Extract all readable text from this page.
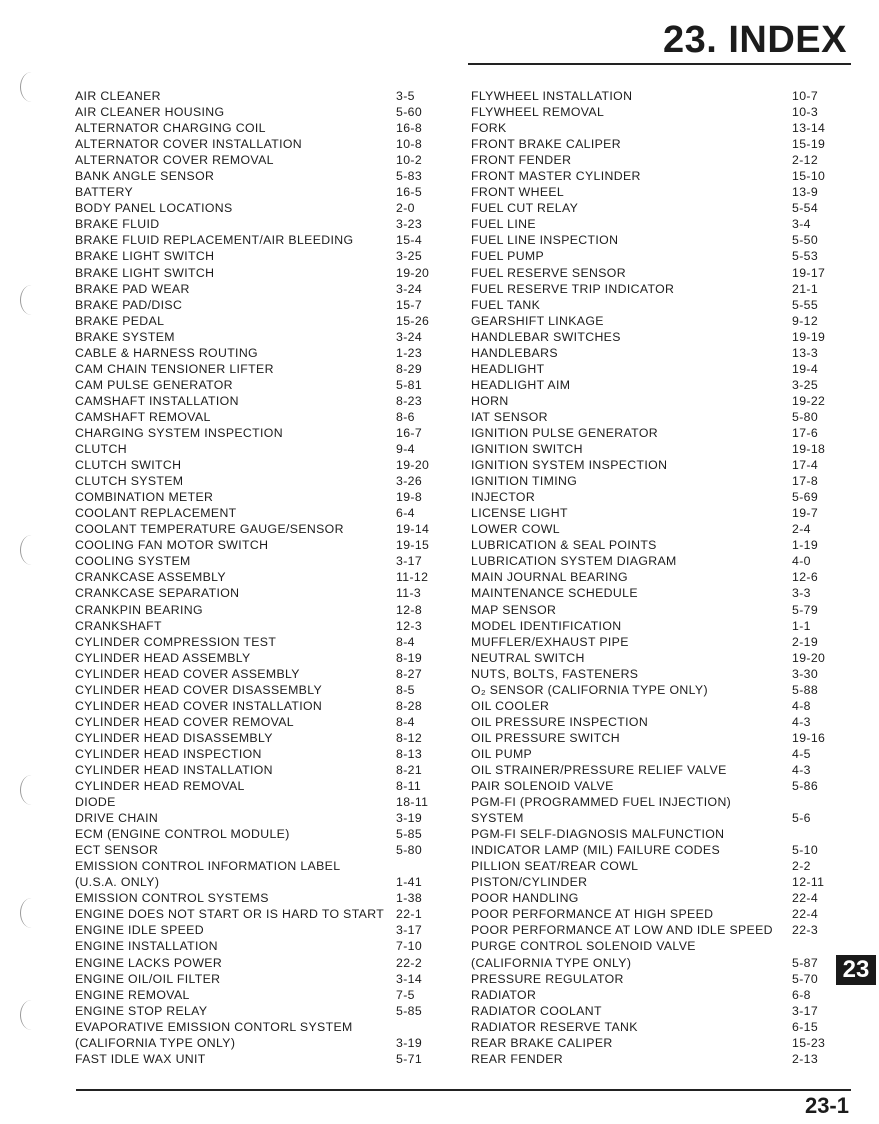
23. INDEX
AIR CLEANER	3-5
AIR CLEANER HOUSING	5-60
ALTERNATOR CHARGING COIL	16-8
ALTERNATOR COVER INSTALLATION	10-8
ALTERNATOR COVER REMOVAL	10-2
BANK ANGLE SENSOR	5-83
BATTERY	16-5
BODY PANEL LOCATIONS	2-0
BRAKE FLUID	3-23
BRAKE FLUID REPLACEMENT/AIR BLEEDING	15-4
BRAKE LIGHT SWITCH	3-25
BRAKE LIGHT SWITCH	19-20
BRAKE PAD WEAR	3-24
BRAKE PAD/DISC	15-7
BRAKE PEDAL	15-26
BRAKE SYSTEM	3-24
CABLE & HARNESS ROUTING	1-23
CAM CHAIN TENSIONER LIFTER	8-29
CAM PULSE GENERATOR	5-81
CAMSHAFT INSTALLATION	8-23
CAMSHAFT REMOVAL	8-6
CHARGING SYSTEM INSPECTION	16-7
CLUTCH	9-4
CLUTCH SWITCH	19-20
CLUTCH SYSTEM	3-26
COMBINATION METER	19-8
COOLANT REPLACEMENT	6-4
COOLANT TEMPERATURE GAUGE/SENSOR	19-14
COOLING FAN MOTOR SWITCH	19-15
COOLING SYSTEM	3-17
CRANKCASE ASSEMBLY	11-12
CRANKCASE SEPARATION	11-3
CRANKPIN BEARING	12-8
CRANKSHAFT	12-3
CYLINDER COMPRESSION TEST	8-4
CYLINDER HEAD ASSEMBLY	8-19
CYLINDER HEAD COVER ASSEMBLY	8-27
CYLINDER HEAD COVER DISASSEMBLY	8-5
CYLINDER HEAD COVER INSTALLATION	8-28
CYLINDER HEAD COVER REMOVAL	8-4
CYLINDER HEAD DISASSEMBLY	8-12
CYLINDER HEAD INSPECTION	8-13
CYLINDER HEAD INSTALLATION	8-21
CYLINDER HEAD REMOVAL	8-11
DIODE	18-11
DRIVE CHAIN	3-19
ECM (ENGINE CONTROL MODULE)	5-85
ECT SENSOR	5-80
EMISSION CONTROL INFORMATION LABEL
(U.S.A. ONLY)	1-41
EMISSION CONTROL SYSTEMS	1-38
ENGINE DOES NOT START OR IS HARD TO START 22-1
ENGINE IDLE SPEED	3-17
ENGINE INSTALLATION	7-10
ENGINE LACKS POWER	22-2
ENGINE OIL/OIL FILTER	3-14
ENGINE REMOVAL	7-5
ENGINE STOP RELAY	5-85
EVAPORATIVE EMISSION CONTORL SYSTEM
(CALIFORNIA TYPE ONLY)	3-19
FAST IDLE WAX UNIT	5-71
FLYWHEEL INSTALLATION	10-7
FLYWHEEL REMOVAL	10-3
FORK	13-14
FRONT BRAKE CALIPER	15-19
FRONT FENDER	2-12
FRONT MASTER CYLINDER	15-10
FRONT WHEEL	13-9
FUEL CUT RELAY	5-54
FUEL LINE	3-4
FUEL LINE INSPECTION	5-50
FUEL PUMP	5-53
FUEL RESERVE SENSOR	19-17
FUEL RESERVE TRIP INDICATOR	21-1
FUEL TANK	5-55
GEARSHIFT LINKAGE	9-12
HANDLEBAR SWITCHES	19-19
HANDLEBARS	13-3
HEADLIGHT	19-4
HEADLIGHT AIM	3-25
HORN	19-22
IAT SENSOR	5-80
IGNITION PULSE GENERATOR	17-6
IGNITION SWITCH	19-18
IGNITION SYSTEM INSPECTION	17-4
IGNITION TIMING	17-8
INJECTOR	5-69
LICENSE LIGHT	19-7
LOWER COWL	2-4
LUBRICATION & SEAL POINTS	1-19
LUBRICATION SYSTEM DIAGRAM	4-0
MAIN JOURNAL BEARING	12-6
MAINTENANCE SCHEDULE	3-3
MAP SENSOR	5-79
MODEL IDENTIFICATION	1-1
MUFFLER/EXHAUST PIPE	2-19
NEUTRAL SWITCH	19-20
NUTS, BOLTS, FASTENERS	3-30
O₂ SENSOR (CALIFORNIA TYPE ONLY)	5-88
OIL COOLER	4-8
OIL PRESSURE INSPECTION	4-3
OIL PRESSURE SWITCH	19-16
OIL PUMP	4-5
OIL STRAINER/PRESSURE RELIEF VALVE	4-3
PAIR SOLENOID VALVE	5-86
PGM-FI (PROGRAMMED FUEL INJECTION)
SYSTEM	5-6
PGM-FI SELF-DIAGNOSIS MALFUNCTION
INDICATOR LAMP (MIL) FAILURE CODES	5-10
PILLION SEAT/REAR COWL	2-2
PISTON/CYLINDER	12-11
POOR HANDLING	22-4
POOR PERFORMANCE AT HIGH SPEED	22-4
POOR PERFORMANCE AT LOW AND IDLE SPEED 22-3
PURGE CONTROL SOLENOID VALVE
(CALIFORNIA TYPE ONLY)	5-87
PRESSURE REGULATOR	5-70
RADIATOR	6-8
RADIATOR COOLANT	3-17
RADIATOR RESERVE TANK	6-15
REAR BRAKE CALIPER	15-23
REAR FENDER	2-13
23
23-1
